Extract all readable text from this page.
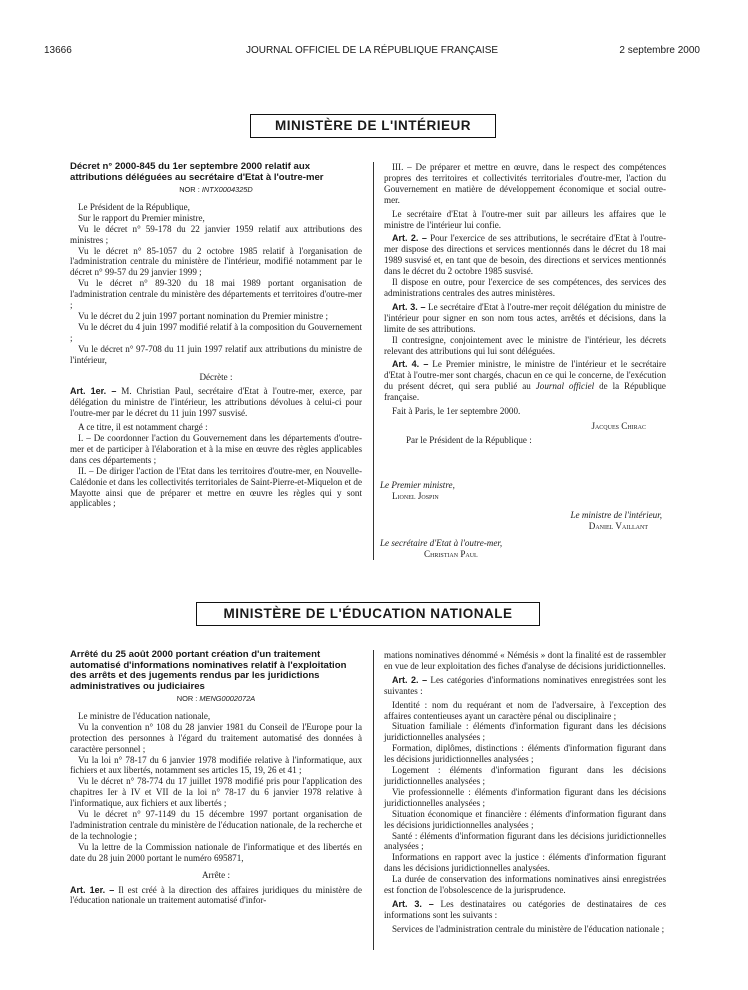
13666	JOURNAL OFFICIEL DE LA RÉPUBLIQUE FRANÇAISE	2 septembre 2000
MINISTÈRE DE L'INTÉRIEUR
Décret n° 2000-845 du 1er septembre 2000 relatif aux attributions déléguées au secrétaire d'Etat à l'outre-mer
NOR : INTX0004325D

Le Président de la République,

Sur le rapport du Premier ministre,

Vu le décret n° 59-178 du 22 janvier 1959 relatif aux attributions des ministres ;

Vu le décret n° 85-1057 du 2 octobre 1985 relatif à l'organisation de l'administration centrale du ministère de l'intérieur, modifié notamment par le décret n° 99-57 du 29 janvier 1999 ;

Vu le décret n° 89-320 du 18 mai 1989 portant organisation de l'administration centrale du ministère des départements et territoires d'outre-mer ;

Vu le décret du 2 juin 1997 portant nomination du Premier ministre ;

Vu le décret du 4 juin 1997 modifié relatif à la composition du Gouvernement ;

Vu le décret n° 97-708 du 11 juin 1997 relatif aux attributions du ministre de l'intérieur,

Décrète :

Art. 1er. – M. Christian Paul, secrétaire d'Etat à l'outre-mer, exerce, par délégation du ministre de l'intérieur, les attributions dévolues à celui-ci pour l'outre-mer par le décret du 11 juin 1997 susvisé.

A ce titre, il est notamment chargé :

I. – De coordonner l'action du Gouvernement dans les départements d'outre-mer et de participer à l'élaboration et à la mise en œuvre des règles applicables dans ces départements ;

II. – De diriger l'action de l'Etat dans les territoires d'outre-mer, en Nouvelle-Calédonie et dans les collectivités territoriales de Saint-Pierre-et-Miquelon et de Mayotte ainsi que de préparer et mettre en œuvre les règles qui y sont applicables ;

III. – De préparer et mettre en œuvre, dans le respect des compétences propres des territoires et collectivités territoriales d'outre-mer, l'action du Gouvernement en matière de développement économique et social outre-mer.

Le secrétaire d'Etat à l'outre-mer suit par ailleurs les affaires que le ministre de l'intérieur lui confie.

Art. 2. – Pour l'exercice de ses attributions, le secrétaire d'Etat à l'outre-mer dispose des directions et services mentionnés dans le décret du 18 mai 1989 susvisé et, en tant que de besoin, des directions et services mentionnés dans le décret du 2 octobre 1985 susvisé.

Il dispose en outre, pour l'exercice de ses compétences, des services des administrations centrales des autres ministères.

Art. 3. – Le secrétaire d'Etat à l'outre-mer reçoit délégation du ministre de l'intérieur pour signer en son nom tous actes, arrêtés et décisions, dans la limite de ses attributions.

Il contresigne, conjointement avec le ministre de l'intérieur, les décrets relevant des attributions qui lui sont déléguées.

Art. 4. – Le Premier ministre, le ministre de l'intérieur et le secrétaire d'Etat à l'outre-mer sont chargés, chacun en ce qui le concerne, de l'exécution du présent décret, qui sera publié au Journal officiel de la République française.

Fait à Paris, le 1er septembre 2000.

Jacques Chirac

Par le Président de la République :

Le Premier ministre,

Lionel Jospin

Le ministre de l'intérieur,

Daniel Vaillant

Le secrétaire d'Etat à l'outre-mer,

Christian Paul

MINISTÈRE DE L'ÉDUCATION NATIONALE
Arrêté du 25 août 2000 portant création d'un traitement automatisé d'informations nominatives relatif à l'exploitation des arrêts et des jugements rendus par les juridictions administratives ou judiciaires
NOR : MENG0002072A

Le ministre de l'éducation nationale,

Vu la convention n° 108 du 28 janvier 1981 du Conseil de l'Europe pour la protection des personnes à l'égard du traitement automatisé des données à caractère personnel ;

Vu la loi n° 78-17 du 6 janvier 1978 modifiée relative à l'informatique, aux fichiers et aux libertés, notamment ses articles 15, 19, 26 et 41 ;

Vu le décret n° 78-774 du 17 juillet 1978 modifié pris pour l'application des chapitres Ier à IV et VII de la loi n° 78-17 du 6 janvier 1978 relative à l'informatique, aux fichiers et aux libertés ;

Vu le décret n° 97-1149 du 15 décembre 1997 portant organisation de l'administration centrale du ministère de l'éducation nationale, de la recherche et de la technologie ;

Vu la lettre de la Commission nationale de l'informatique et des libertés en date du 28 juin 2000 portant le numéro 695871,

Arrête :

Art. 1er. – Il est créé à la direction des affaires juridiques du ministère de l'éducation nationale un traitement automatisé d'infor-

mations nominatives dénommé « Némésis » dont la finalité est de rassembler en vue de leur exploitation des fiches d'analyse de décisions juridictionnelles.

Art. 2. – Les catégories d'informations nominatives enregistrées sont les suivantes :

Identité : nom du requérant et nom de l'adversaire, à l'exception des affaires contentieuses ayant un caractère pénal ou disciplinaire ;

Situation familiale : éléments d'information figurant dans les décisions juridictionnelles analysées ;

Formation, diplômes, distinctions : éléments d'information figurant dans les décisions juridictionnelles analysées ;

Logement : éléments d'information figurant dans les décisions juridictionnelles analysées ;

Vie professionnelle : éléments d'information figurant dans les décisions juridictionnelles analysées ;

Situation économique et financière : éléments d'information figurant dans les décisions juridictionnelles analysées ;

Santé : éléments d'information figurant dans les décisions juridictionnelles analysées ;

Informations en rapport avec la justice : éléments d'information figurant dans les décisions juridictionnelles analysées.

La durée de conservation des informations nominatives ainsi enregistrées est fonction de l'obsolescence de la jurisprudence.

Art. 3. – Les destinataires ou catégories de destinataires de ces informations sont les suivants :

Services de l'administration centrale du ministère de l'éducation nationale ;
